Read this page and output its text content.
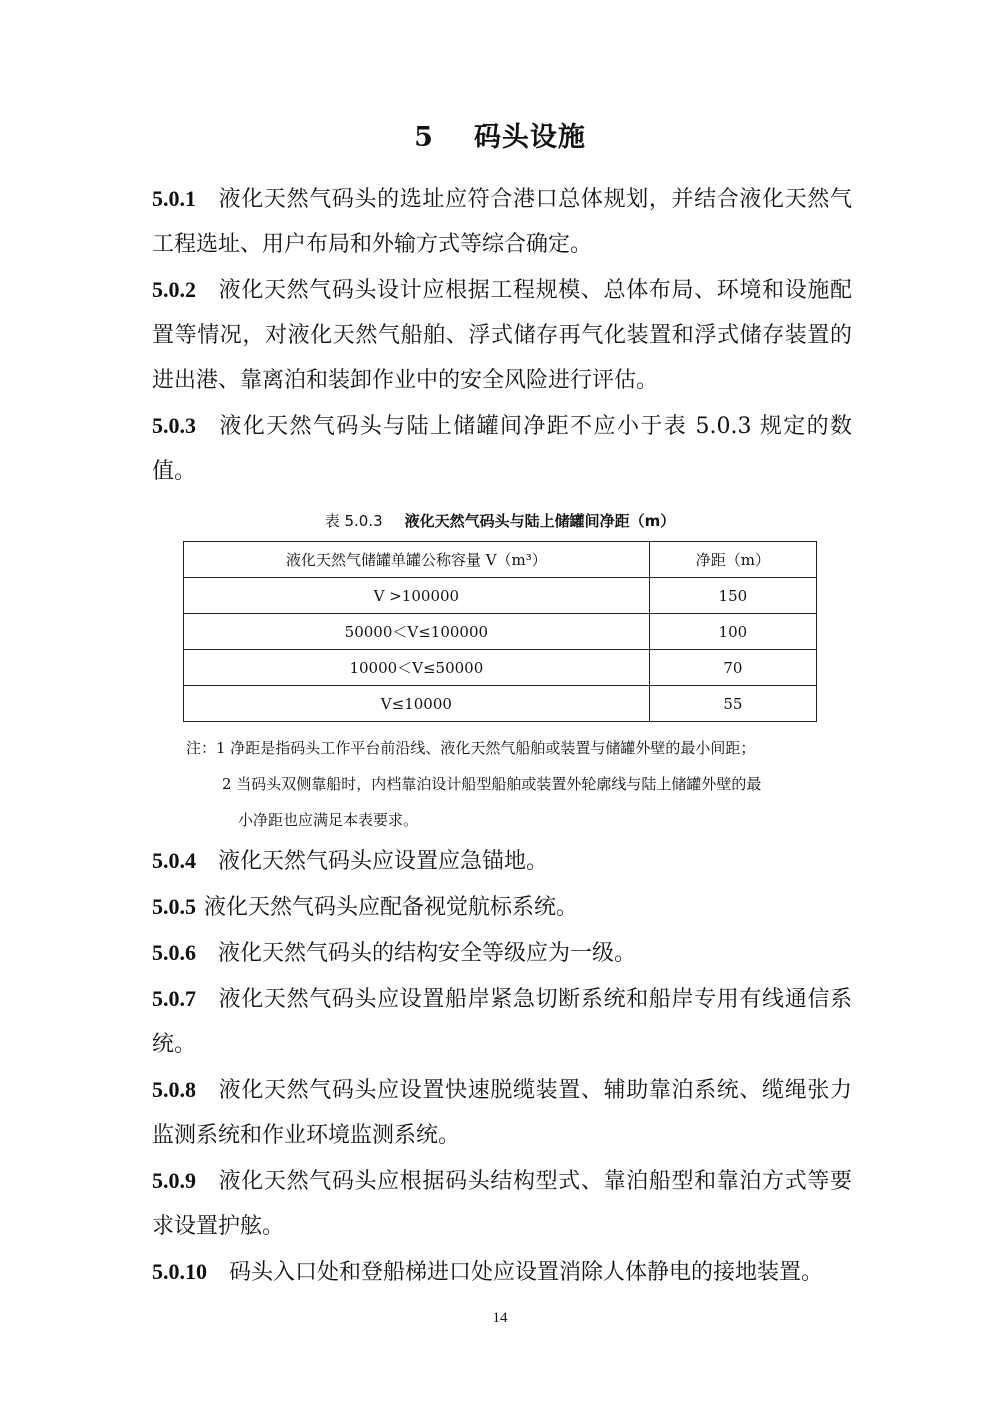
5 码头设施

5.0.1 液化天然气码头的选址应符合港口总体规划，并结合液化天然气工程选址、用户布局和外输方式等综合确定。

5.0.2 液化天然气码头设计应根据工程规模、总体布局、环境和设施配置等情况，对液化天然气船舶、浮式储存再气化装置和浮式储存装置的进出港、靠离泊和装卸作业中的安全风险进行评估。

5.0.3 液化天然气码头与陆上储罐间净距不应小于表 5.0.3 规定的数值。

表 5.0.3 液化天然气码头与陆上储罐间净距（m）
液化天然气储罐单罐公称容量 V（m³）	净距（m）
V >100000	150
50000＜V≤100000	100
10000＜V≤50000	70
V≤10000	55

注：1 净距是指码头工作平台前沿线、液化天然气船舶或装置与储罐外壁的最小间距；

2 当码头双侧靠船时，内档靠泊设计船型船舶或装置外轮廓线与陆上储罐外壁的最

小净距也应满足本表要求。

5.0.4 液化天然气码头应设置应急锚地。

5.0.5 液化天然气码头应配备视觉航标系统。

5.0.6 液化天然气码头的结构安全等级应为一级。

5.0.7 液化天然气码头应设置船岸紧急切断系统和船岸专用有线通信系统。

5.0.8 液化天然气码头应设置快速脱缆装置、辅助靠泊系统、缆绳张力监测系统和作业环境监测系统。

5.0.9 液化天然气码头应根据码头结构型式、靠泊船型和靠泊方式等要求设置护舷。

5.0.10 码头入口处和登船梯进口处应设置消除人体静电的接地装置。

14
